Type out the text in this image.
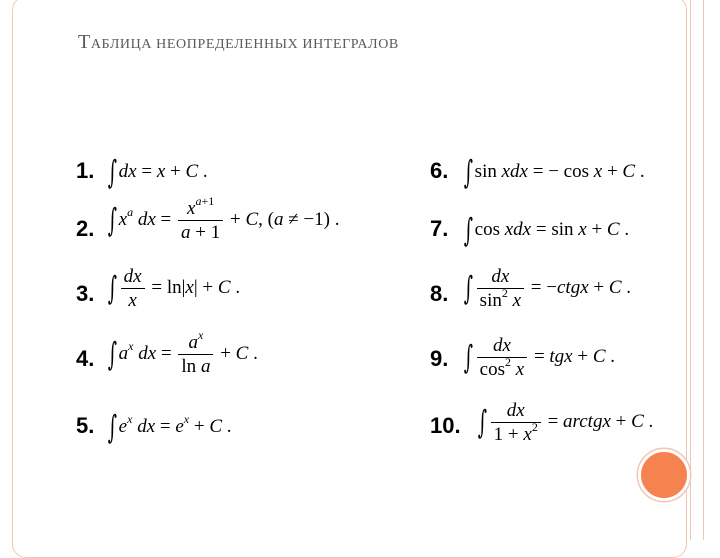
ТАБЛИЦА НЕОПРЕДЕЛЕННЫХ ИНТЕГРАЛОВ
1. ∫dx = x + C .
2. $\int x^a$ dx = $\frac{x^{a+1}}{a + 1} + C$, (a ≠ −1) .
3. ∫ $\frac{dx}{x} = \ln|x| + C$ .
4. $\int a^x$ dx = $\frac{a^x}{\text{ln a}} + C$ .
5. $\int e^x$ dx = $e^x + C$ .
6. ∫sin xdx = − cos x + C .
7. ∫cos xdx = sin x + C .
8. ∫ $\frac{dx}{\sin^2 x}$ = −ctgx + C .
9. ∫ $\frac{dx}{\cos^2 x}$ = tgx + C .
10. ∫ $\frac{dx}{1 + x^2}$ = arctgx + C .
